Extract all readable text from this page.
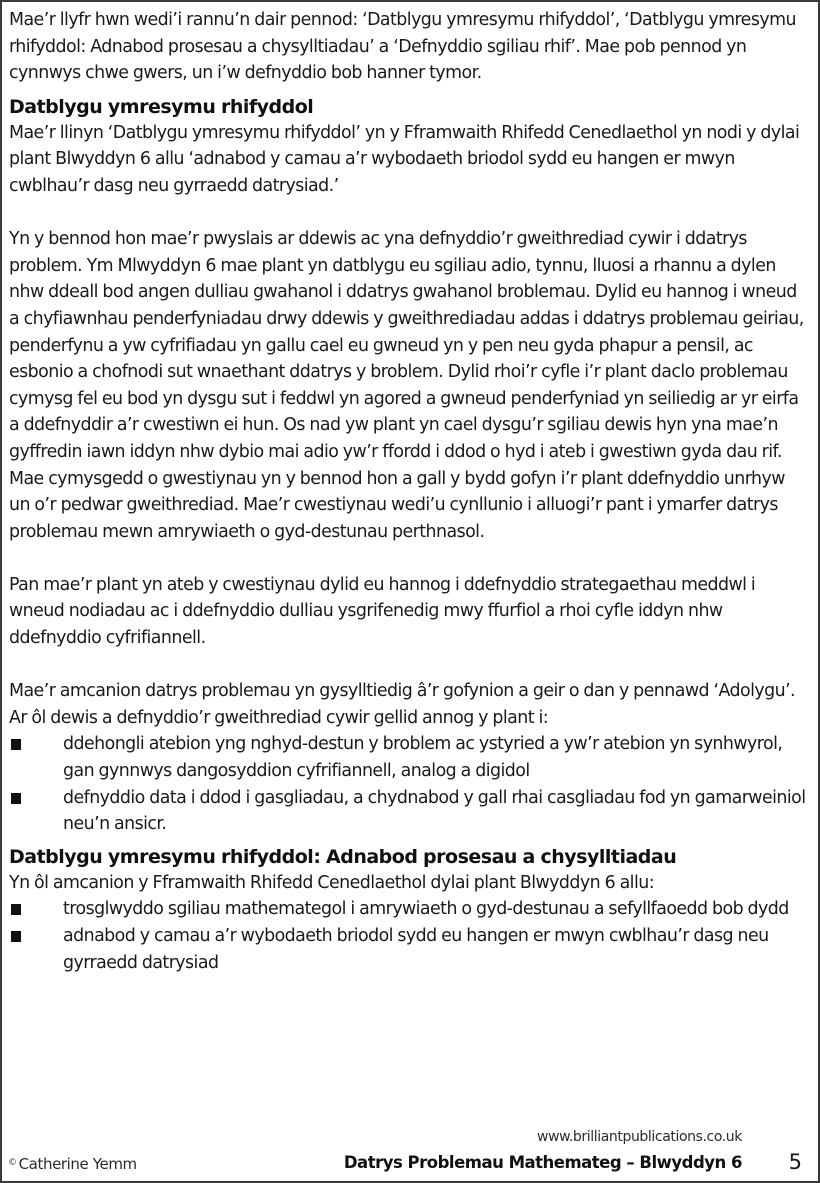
Mae’r llyfr hwn wedi’i rannu’n dair pennod: ‘Datblygu ymresymu rhifyddol’, ‘Datblygu ymresymu rhifyddol: Adnabod prosesau a chysylltiadau’ a ‘Defnyddio sgiliau rhif’. Mae pob pennod yn cynnwys chwe gwers, un i’w defnyddio bob hanner tymor.

Datblygu ymresymu rhifyddol

Mae’r llinyn ‘Datblygu ymresymu rhifyddol’ yn y Fframwaith Rhifedd Cenedlaethol yn nodi y dylai plant Blwyddyn 6 allu ‘adnabod y camau a’r wybodaeth briodol sydd eu hangen er mwyn cwblhau’r dasg neu gyrraedd datrysiad.’

Yn y bennod hon mae’r pwyslais ar ddewis ac yna defnyddio’r gweithrediad cywir i ddatrys problem. Ym Mlwyddyn 6 mae plant yn datblygu eu sgiliau adio, tynnu, lluosi a rhannu a dylen nhw ddeall bod angen dulliau gwahanol i ddatrys gwahanol broblemau. Dylid eu hannog i wneud a chyfiawnhau penderfyniadau drwy ddewis y gweithrediadau addas i ddatrys problemau geiriau, penderfynu a yw cyfrifiadau yn gallu cael eu gwneud yn y pen neu gyda phapur a pensil, ac esbonio a chofnodi sut wnaethant ddatrys y broblem. Dylid rhoi’r cyfle i’r plant daclo problemau cymysg fel eu bod yn dysgu sut i feddwl yn agored a gwneud penderfyniad yn seiliedig ar yr eirfa a ddefnyddir a’r cwestiwn ei hun. Os nad yw plant yn cael dysgu’r sgiliau dewis hyn yna mae’n gyffredin iawn iddyn nhw dybio mai adio yw’r ffordd i ddod o hyd i ateb i gwestiwn gyda dau rif. Mae cymysgedd o gwestiynau yn y bennod hon a gall y bydd gofyn i’r plant ddefnyddio unrhyw un o’r pedwar gweithrediad. Mae’r cwestiynau wedi’u cynllunio i alluogi’r pant i ymarfer datrys problemau mewn amrywiaeth o gyd-destunau perthnasol.

Pan mae’r plant yn ateb y cwestiynau dylid eu hannog i ddefnyddio strategaethau meddwl i wneud nodiadau ac i ddefnyddio dulliau ysgrifenedig mwy ffurfiol a rhoi cyfle iddyn nhw ddefnyddio cyfrifiannell.

Mae’r amcanion datrys problemau yn gysylltiedig â’r gofynion a geir o dan y pennawd ‘Adolygu’. Ar ôl dewis a defnyddio’r gweithrediad cywir gellid annog y plant i:

ddehongli atebion yng nghyd-destun y broblem ac ystyried a yw’r atebion yn synhwyrol, gan gynnwys dangosyddion cyfrifiannell, analog a digidol
defnyddio data i ddod i gasgliadau, a chydnabod y gall rhai casgliadau fod yn gamarweiniol neu’n ansicr.
Datblygu ymresymu rhifyddol: Adnabod prosesau a chysylltiadau

Yn ôl amcanion y Fframwaith Rhifedd Cenedlaethol dylai plant Blwyddyn 6 allu:

trosglwyddo sgiliau mathemategol i amrywiaeth o gyd-destunau a sefyllfaoedd bob dydd
adnabod y camau a’r wybodaeth briodol sydd eu hangen er mwyn cwblhau’r dasg neu gyrraedd datrysiad
www.brilliantpublications.co.uk
© Catherine Yemm	Datrys Problemau Mathemateg – Blwyddyn 6 5
